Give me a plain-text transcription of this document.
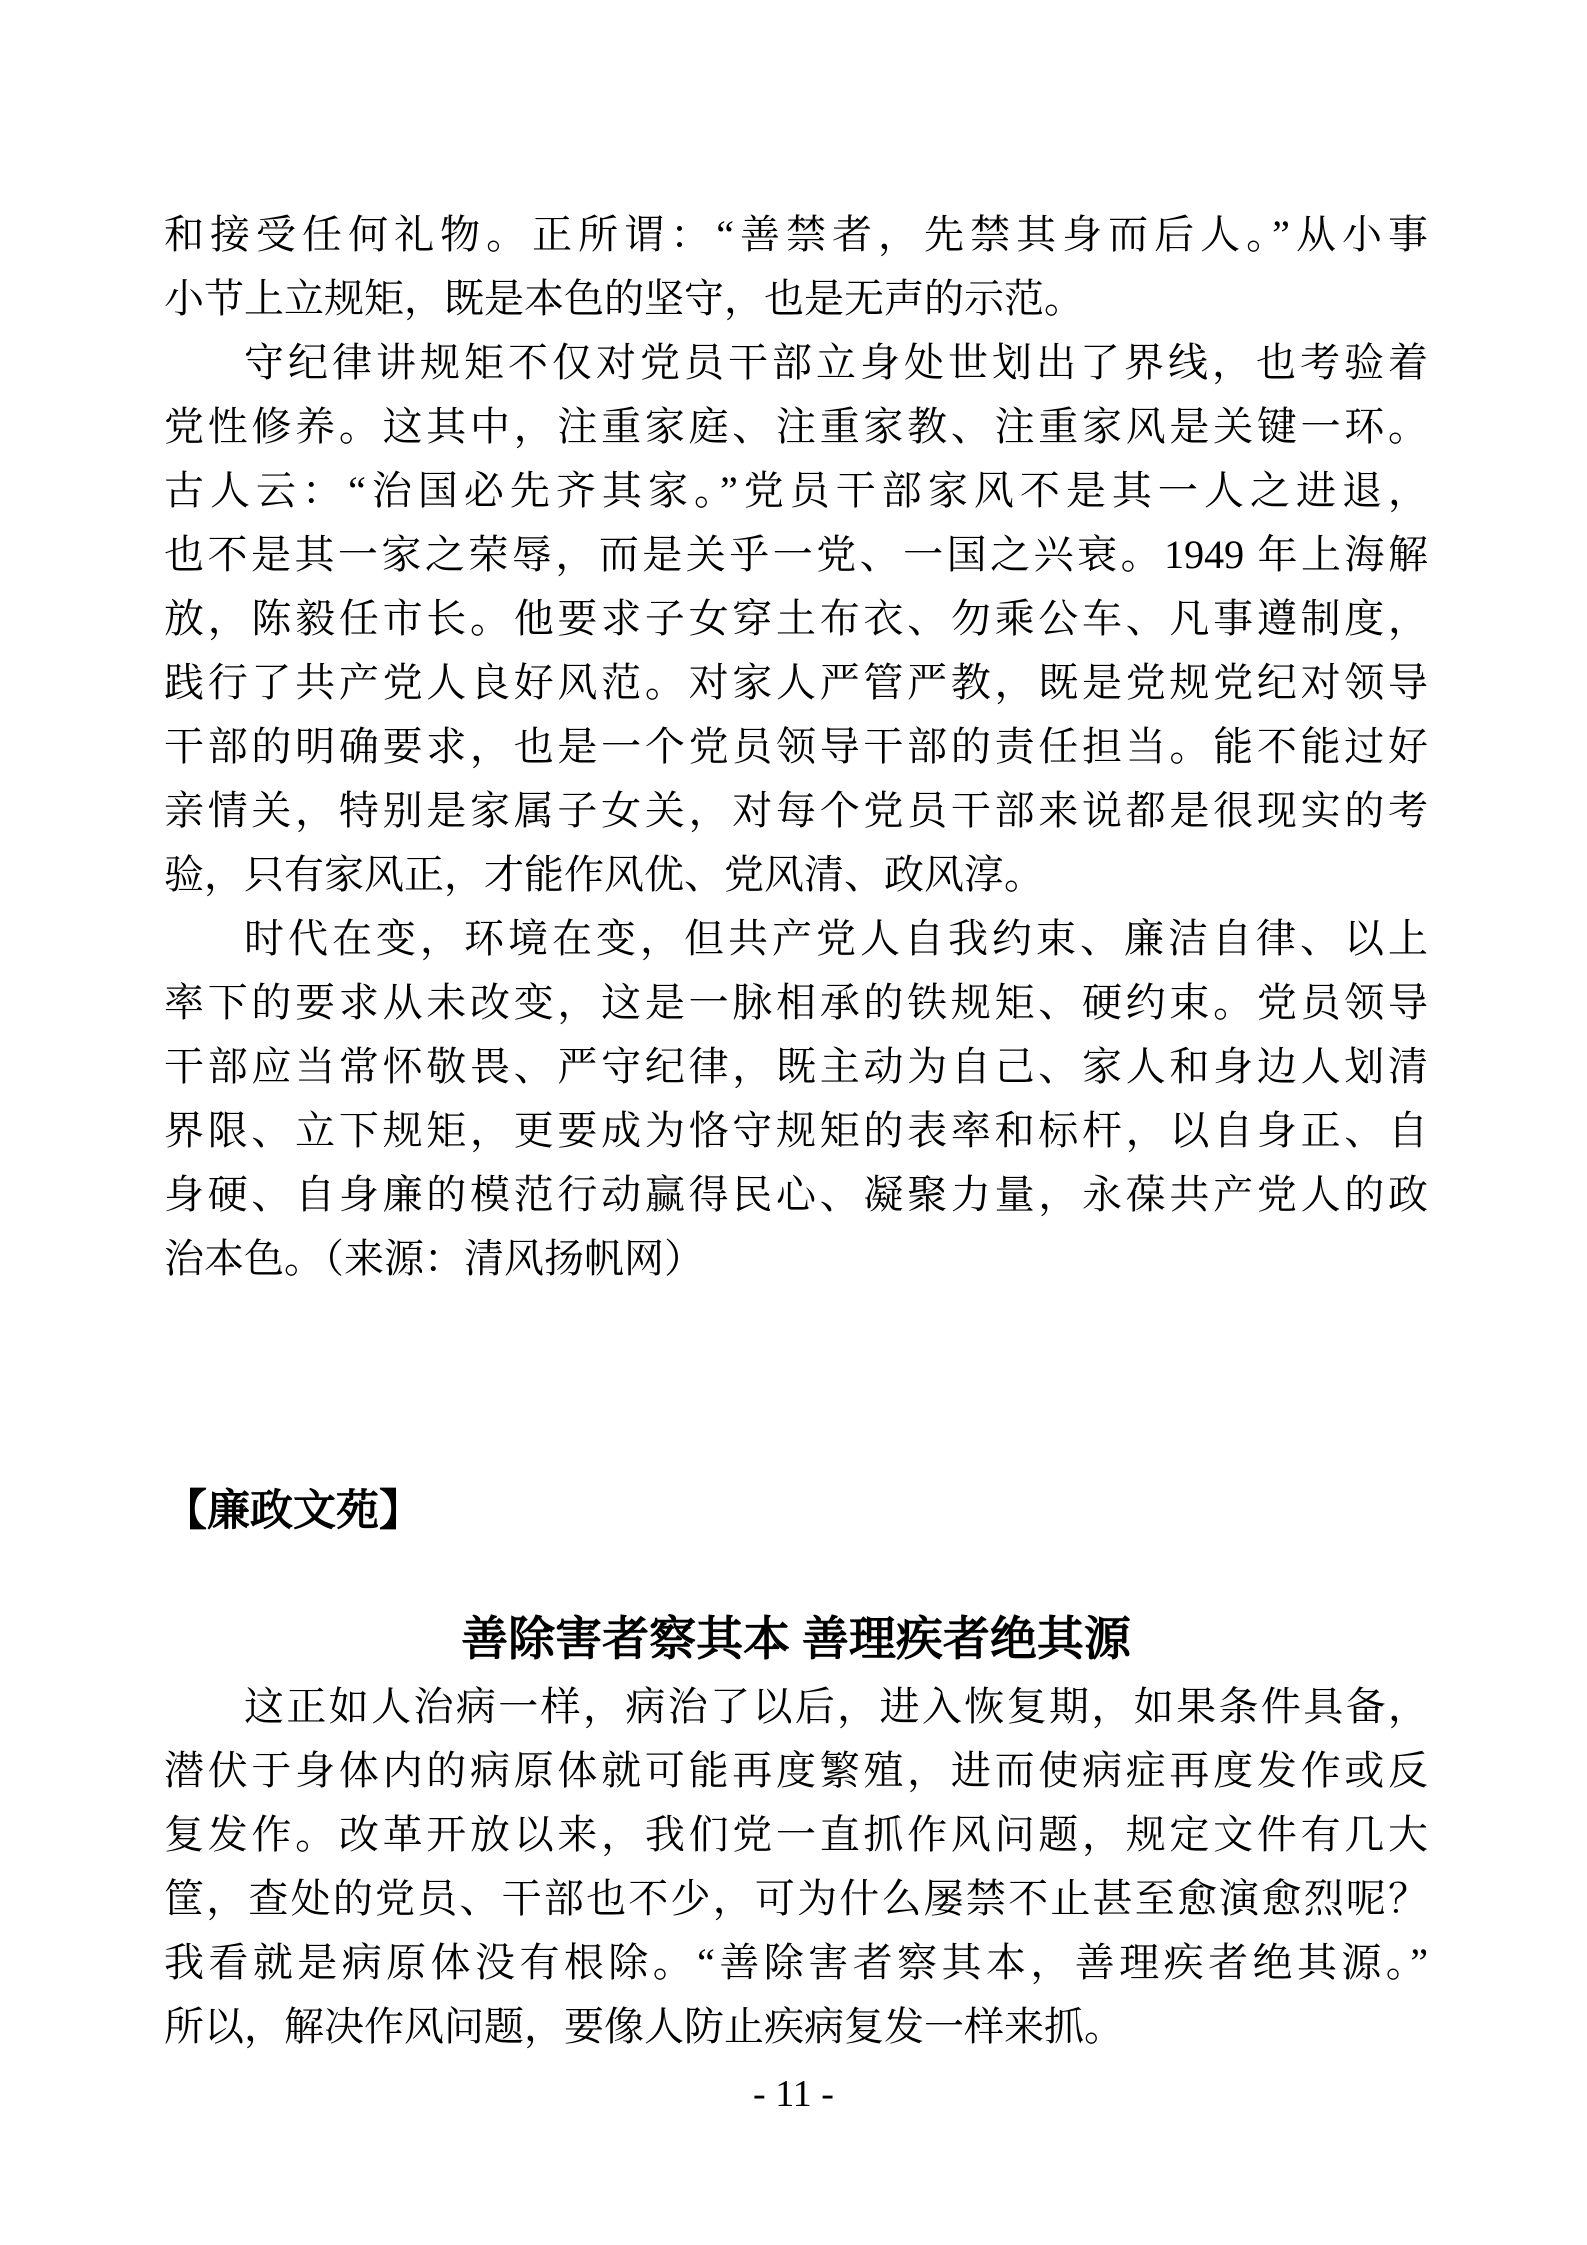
和接受任何礼物。正所谓：“善禁者，先禁其身而后人。”从小事
小节上立规矩，既是本色的坚守，也是无声的示范。
守纪律讲规矩不仅对党员干部立身处世划出了界线，也考验着
党性修养。这其中，注重家庭、注重家教、注重家风是关键一环。
古人云：“治国必先齐其家。”党员干部家风不是其一人之进退，
也不是其一家之荣辱，而是关乎一党、一国之兴衰。1949 年上海解
放，陈毅任市长。他要求子女穿土布衣、勿乘公车、凡事遵制度，
践行了共产党人良好风范。对家人严管严教，既是党规党纪对领导
干部的明确要求，也是一个党员领导干部的责任担当。能不能过好
亲情关，特别是家属子女关，对每个党员干部来说都是很现实的考
验，只有家风正，才能作风优、党风清、政风淳。
时代在变，环境在变，但共产党人自我约束、廉洁自律、以上
率下的要求从未改变，这是一脉相承的铁规矩、硬约束。党员领导
干部应当常怀敬畏、严守纪律，既主动为自己、家人和身边人划清
界限、立下规矩，更要成为恪守规矩的表率和标杆，以自身正、自
身硬、自身廉的模范行动赢得民心、凝聚力量，永葆共产党人的政
治本色。（来源：清风扬帆网）
【廉政文苑】
善除害者察其本 善理疾者绝其源
这正如人治病一样，病治了以后，进入恢复期，如果条件具备，
潜伏于身体内的病原体就可能再度繁殖，进而使病症再度发作或反
复发作。改革开放以来，我们党一直抓作风问题，规定文件有几大
筐，查处的党员、干部也不少，可为什么屡禁不止甚至愈演愈烈呢？
我看就是病原体没有根除。“善除害者察其本，善理疾者绝其源。”
所以，解决作风问题，要像人防止疾病复发一样来抓。
- 11 -
